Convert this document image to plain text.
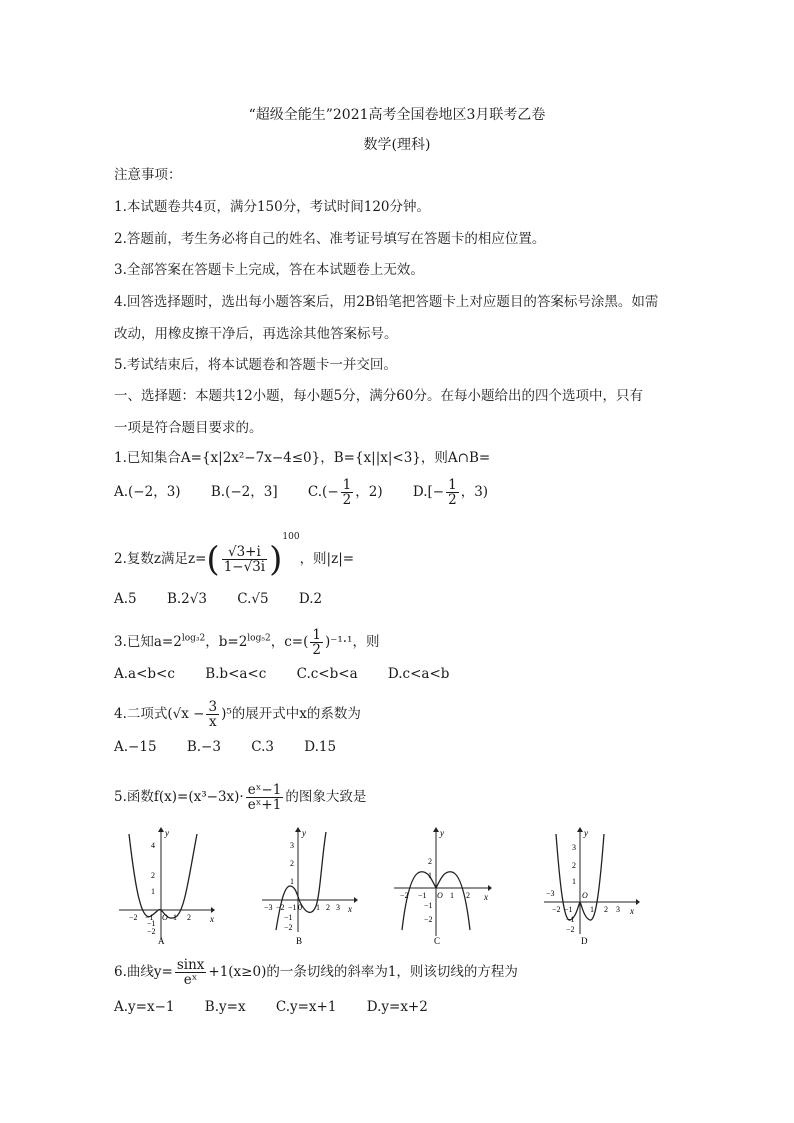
“超级全能生”2021高考全国卷地区3月联考乙卷
数学(理科)
注意事项：
1.本试题卷共4页，满分150分，考试时间120分钟。
2.答题前，考生务必将自己的姓名、准考证号填写在答题卡的相应位置。
3.全部答案在答题卡上完成，答在本试题卷上无效。
4.回答选择题时，选出每小题答案后，用2B铅笔把答题卡上对应题目的答案标号涂黑。如需
改动，用橡皮擦干净后，再选涂其他答案标号。
5.考试结束后，将本试题卷和答题卡一并交回。
一、选择题：本题共12小题，每小题5分，满分60分。在每小题给出的四个选项中，只有
一项是符合题目要求的。
1.已知集合A={x|2x²−7x−4≤0}，B={x||x|<3}，则A∩B=
A.(−2，3) B.(−2，3] $C.(- \frac{1}{2}$ ，2) $D.[- \frac{1}{2}$ ，3)
2.复数z满足$z=( \frac{√3+i}{1-√3i} )^{100}$，则|z|=
A.5 B.2√3 C.√5 D.2
3.已知$a=2^{log_32}$，$b=2^{log_52}$，$c=( \frac{1}{2} )^{-1}\cdot^1$，则
A.a<b<c B.b<a<c C.c<b<a D.c<a<b
4.二项式$(√x - \frac{3}{x} )^5$的展开式中x的系数为
A.−15 B.−3 C.3 D.15
5.函数$f(x)=(x^3-3x)\cdot \frac{\text{eˣ−1}}{\text{eˣ+1}}$ 的图象大致是
y
x
O
−2 −1 1 2
4
2
1
−1
−2
A
y
x
0
−3 −2 −1 1 2 3
3
2
1
−1
−2
B
y
x
O
−2 −1	1 2
2
1
−1
−2
C
y
x
O
−3
−2 −1 1 2 3
3
2
1
−1
−2
D
6.曲线$y= \frac{\sin x}{\text{eˣ}} +1(x\ge 0)$的一条切线的斜率为1，则该切线的方程为
A.y=x−1 B.y=x C.y=x+1 D.y=x+2
